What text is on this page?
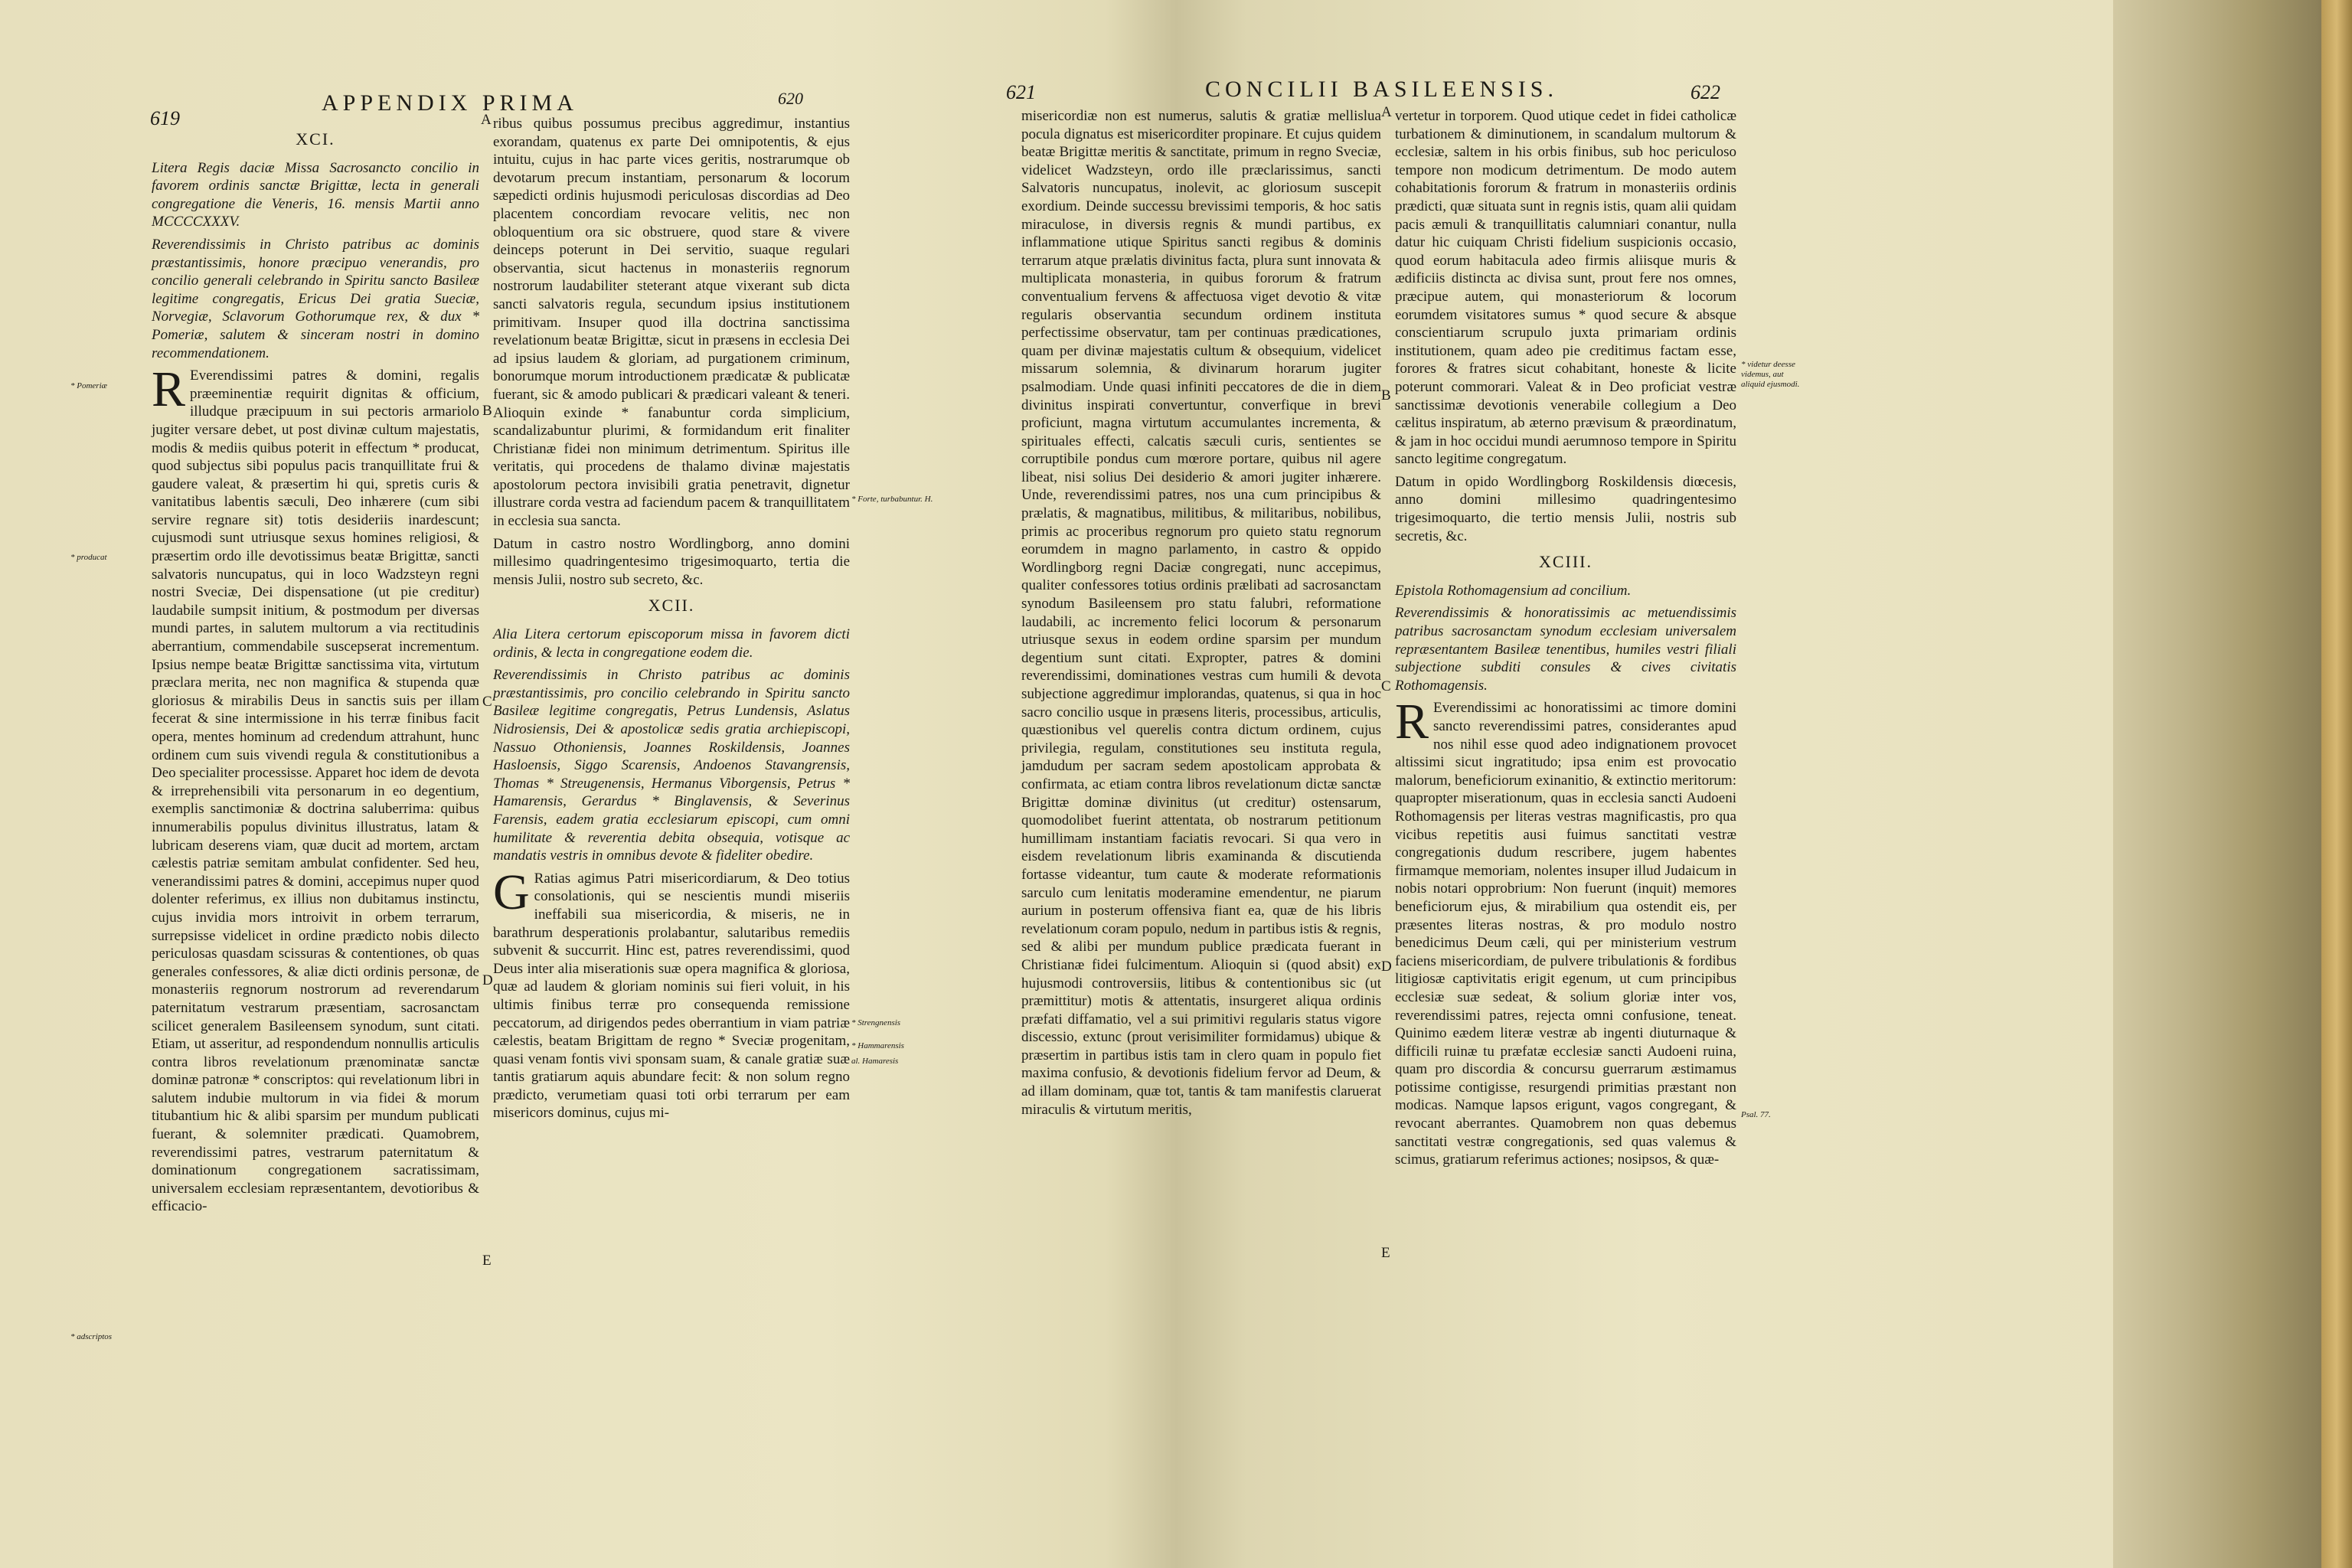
619
APPENDIX PRIMA	620
XCI.

Litera Regis daciæ Missa Sacrosancto concilio in favorem ordinis sanctæ Brigittæ, lecta in generali congregatione die Veneris, 16. mensis Martii anno MCCCCXXXV.

Reverendissimis in Christo patribus ac dominis præstantissimis, honore præcipuo venerandis, pro concilio generali celebrando in Spiritu sancto Basileæ legitime congregatis, Ericus Dei gratia Sueciæ, Norvegiæ, Sclavorum Gothorumque rex, & dux * Pomeriæ, salutem & sinceram nostri in domino recommendationem.

R Everendissimi patres & domini, regalis præeminentiæ requirit dignitas & officium, illudque præcipuum in sui pectoris armariolo jugiter versare debet, ut post divinæ cultum majestatis, modis & mediis quibus poterit in effectum * producat, quod subjectus sibi populus pacis tranquillitate frui & gaudere valeat, & præsertim hi qui, spretis curis & vanitatibus labentis sæculi, Deo inhærere (cum sibi servire regnare sit) totis desideriis inardescunt; cujusmodi sunt utriusque sexus homines religiosi, & præsertim ordo ille devotissimus beatæ Brigittæ, sancti salvatoris nuncupatus, qui in loco Wadzsteyn regni nostri Sveciæ, Dei dispensatione (ut pie creditur) laudabile sumpsit initium, & postmodum per diversas mundi partes, in salutem multorum a via rectitudinis aberrantium, commendabile suscepserat incrementum. Ipsius nempe beatæ Brigittæ sanctissima vita, virtutum præclara merita, nec non magnifica & stupenda quæ gloriosus & mirabilis Deus in sanctis suis per illam fecerat & sine intermissione in his terræ finibus facit opera, mentes hominum ad credendum attrahunt, hunc ordinem cum suis vivendi regula & constitutionibus a Deo specialiter processisse. Apparet hoc idem de devota & irreprehensibili vita personarum in eo degentium, exemplis sanctimoniæ & doctrina saluberrima: quibus innumerabilis populus divinitus illustratus, latam & lubricam deserens viam, quæ ducit ad mortem, arctam cælestis patriæ semitam ambulat confidenter. Sed heu, venerandissimi patres & domini, accepimus nuper quod dolenter referimus, ex illius non dubitamus instinctu, cujus invidia mors introivit in orbem terrarum, surrepsisse videlicet in ordine prædicto nobis dilecto periculosas quasdam scissuras & contentiones, ob quas generales confessores, & aliæ dicti ordinis personæ, de monasteriis regnorum nostrorum ad reverendarum paternitatum vestrarum præsentiam, sacrosanctam scilicet generalem Basileensem synodum, sunt citati. Etiam, ut asseritur, ad respondendum nonnullis articulis contra libros revelationum prænominatæ sanctæ dominæ patronæ * conscriptos: qui revelationum libri in salutem indubie multorum in via fidei & morum titubantium hic & alibi sparsim per mundum publicati fuerant, & solemniter prædicati. Quamobrem, reverendissimi patres, vestrarum paternitatum & dominationum congregationem sacratissimam, universalem ecclesiam repræsentantem, devotioribus & efficacio-

ribus quibus possumus precibus aggredimur, instantius exorandam, quatenus ex parte Dei omnipotentis, & ejus intuitu, cujus in hac parte vices geritis, nostrarumque ob devotarum precum instantiam, personarum & locorum sæpedicti ordinis hujusmodi periculosas discordias ad Deo placentem concordiam revocare velitis, nec non obloquentium ora sic obstruere, quod stare & vivere deinceps poterunt in Dei servitio, suaque regulari observantia, sicut hactenus in monasteriis regnorum nostrorum laudabiliter steterant atque vixerant sub dicta sancti salvatoris regula, secundum ipsius institutionem primitivam. Insuper quod illa doctrina sanctissima revelationum beatæ Brigittæ, sicut in præsens in ecclesia Dei ad ipsius laudem & gloriam, ad purgationem criminum, bonorumque morum introductionem prædicatæ & publicatæ fuerant, sic & amodo publicari & prædicari valeant & teneri. Alioquin exinde * fanabuntur corda simplicium, scandalizabuntur plurimi, & formidandum erit finaliter Christianæ fidei non minimum detrimentum. Spiritus ille veritatis, qui procedens de thalamo divinæ majestatis apostolorum pectora invisibili gratia penetravit, dignetur illustrare corda vestra ad faciendum pacem & tranquillitatem in ecclesia sua sancta.

Datum in castro nostro Wordlingborg, anno domini millesimo quadringentesimo trigesimoquarto, tertia die mensis Julii, nostro sub secreto, &c.

XCII.

Alia Litera certorum episcoporum missa in favorem dicti ordinis, & lecta in congregatione eodem die.

Reverendissimis in Christo patribus ac dominis præstantissimis, pro concilio celebrando in Spiritu sancto Basileæ legitime congregatis, Petrus Lundensis, Aslatus Nidrosiensis, Dei & apostolicæ sedis gratia archiepiscopi, Nassuo Othoniensis, Joannes Roskildensis, Joannes Hasloensis, Siggo Scarensis, Andoenos Stavangrensis, Thomas * Streugenensis, Hermanus Viborgensis, Petrus * Hamarensis, Gerardus * Binglavensis, & Severinus Farensis, eadem gratia ecclesiarum episcopi, cum omni humilitate & reverentia debita obsequia, votisque ac mandatis vestris in omnibus devote & fideliter obedire.

G Ratias agimus Patri misericordiarum, & Deo totius consolationis, qui se nescientis mundi miseriis ineffabili sua misericordia, & miseris, ne in barathrum desperationis prolabantur, salutaribus remediis subvenit & succurrit. Hinc est, patres reverendissimi, quod Deus inter alia miserationis suæ opera magnifica & gloriosa, quæ ad laudem & gloriam nominis sui fieri voluit, in his ultimis finibus terræ pro consequenda remissione peccatorum, ad dirigendos pedes oberrantium in viam patriæ cælestis, beatam Brigittam de regno * Sveciæ progenitam, quasi venam fontis vivi sponsam suam, & canale gratiæ suæ tantis gratiarum aquis abundare fecit: & non solum regno prædicto, verumetiam quasi toti orbi terrarum per eam misericors dominus, cujus mi-

* Pomeriæ
* producat
* adscriptos
* Forte, turbabuntur. H.
* Strengnensis
* Hammarensis
al. Hamaresis
A
B
C
D
E
621	CONCILII BASILEENSIS.	622

misericordiæ non est numerus, salutis & gratiæ mellislua pocula dignatus est misericorditer propinare. Et cujus quidem beatæ Brigittæ meritis & sanctitate, primum in regno Sveciæ, videlicet Wadzsteyn, ordo ille præclarissimus, sancti Salvatoris nuncupatus, inolevit, ac gloriosum suscepit exordium. Deinde successu brevissimi temporis, & hoc satis miraculose, in diversis regnis & mundi partibus, ex inflammatione utique Spiritus sancti regibus & dominis terrarum atque prælatis divinitus facta, plura sunt innovata & multiplicata monasteria, in quibus fororum & fratrum conventualium fervens & affectuosa viget devotio & vitæ regularis observantia secundum ordinem instituta perfectissime observatur, tam per continuas prædicationes, quam per divinæ majestatis cultum & obsequium, videlicet missarum solemnia, & divinarum horarum jugiter psalmodiam. Unde quasi infiniti peccatores de die in diem divinitus inspirati convertuntur, converfique in brevi proficiunt, magna virtutum accumulantes incrementa, & spirituales effecti, calcatis sæculi curis, sentientes se corruptibile pondus cum mœrore portare, quibus nil agere libeat, nisi solius Dei desiderio & amori jugiter inhærere. Unde, reverendissimi patres, nos una cum principibus & prælatis, & magnatibus, militibus, & militaribus, nobilibus, primis ac proceribus regnorum pro quieto statu regnorum eorumdem in magno parlamento, in castro & oppido Wordlingborg regni Daciæ congregati, nunc accepimus, qualiter confessores totius ordinis prælibati ad sacrosanctam synodum Basileensem pro statu falubri, reformatione laudabili, ac incremento felici locorum & personarum utriusque sexus in eodem ordine sparsim per mundum degentium sunt citati. Expropter, patres & domini reverendissimi, dominationes vestras cum humili & devota subjectione aggredimur implorandas, quatenus, si qua in hoc sacro concilio usque in præsens literis, processibus, articulis, quæstionibus vel querelis contra dictum ordinem, cujus privilegia, regulam, constitutiones seu instituta regula, jamdudum per sacram sedem apostolicam approbata & confirmata, ac etiam contra libros revelationum dictæ sanctæ Brigittæ dominæ divinitus (ut creditur) ostensarum, quomodolibet fuerint attentata, ob nostrarum petitionum humillimam instantiam faciatis revocari. Si qua vero in eisdem revelationum libris examinanda & discutienda fortasse videantur, tum caute & moderate reformationis sarculo cum lenitatis moderamine emendentur, ne piarum aurium in posterum offensiva fiant ea, quæ de his libris revelationum coram populo, nedum in partibus istis & regnis, sed & alibi per mundum publice prædicata fuerant in Christianæ fidei fulcimentum. Alioquin si (quod absit) ex hujusmodi controversiis, litibus & contentionibus sic (ut præmittitur) motis & attentatis, insurgeret aliqua ordinis præfati diffamatio, vel a sui primitivi regularis status vigore discessio, extunc (prout verisimiliter formidamus) ubique & præsertim in partibus istis tam in clero quam in populo fiet maxima confusio, & devotionis fidelium fervor ad Deum, & ad illam dominam, quæ tot, tantis & tam manifestis claruerat miraculis & virtutum meritis,

vertetur in torporem. Quod utique cedet in fidei catholicæ turbationem & diminutionem, in scandalum multorum & ecclesiæ, saltem in his orbis finibus, sub hoc periculoso tempore non modicum detrimentum. De modo autem cohabitationis fororum & fratrum in monasteriis ordinis prædicti, quæ situata sunt in regnis istis, quam alii quidam pacis æmuli & tranquillitatis calumniari conantur, nulla datur hic cuiquam Christi fidelium suspicionis occasio, quod eorum habitacula adeo firmis aliisque muris & ædificiis distincta ac divisa sunt, prout fere nos omnes, præcipue autem, qui monasteriorum & locorum eorumdem visitatores sumus * quod secure & absque conscientiarum scrupulo juxta primariam ordinis institutionem, quam adeo pie creditimus factam esse, forores & fratres sicut cohabitant, honeste & licite poterunt commorari. Valeat & in Deo proficiat vestræ sanctissimæ devotionis venerabile collegium a Deo cælitus inspiratum, ab æterno prævisum & præordinatum, & jam in hoc occidui mundi aerumnoso tempore in Spiritu sancto legitime congregatum.

Datum in opido Wordlingborg Roskildensis diœcesis, anno domini millesimo quadringentesimo trigesimoquarto, die tertio mensis Julii, nostris sub secretis, &c.

XCIII.

Epistola Rothomagensium ad concilium.

Reverendissimis & honoratissimis ac metuendissimis patribus sacrosanctam synodum ecclesiam universalem repræsentantem Basileæ tenentibus, humiles vestri filiali subjectione subditi consules & cives civitatis Rothomagensis.

R Everendissimi ac honoratissimi ac timore domini sancto reverendissimi patres, considerantes apud nos nihil esse quod adeo indignationem provocet altissimi sicut ingratitudo; ipsa enim est provocatio malorum, beneficiorum exinanitio, & extinctio meritorum: quapropter miserationum, quas in ecclesia sancti Audoeni Rothomagensis per literas vestras magnificastis, pro qua vicibus repetitis ausi fuimus sanctitati vestræ congregationis dudum rescribere, jugem habentes firmamque memoriam, nolentes insuper illud Judaicum in nobis notari opprobrium: Non fuerunt (inquit) memores beneficiorum ejus, & mirabilium qua ostendit eis, per præsentes literas nostras, & pro modulo nostro benedicimus Deum cæli, qui per ministerium vestrum faciens misericordiam, de pulvere tribulationis & fordibus litigiosæ captivitatis erigit egenum, ut cum principibus ecclesiæ suæ sedeat, & solium gloriæ inter vos, reverendissimi patres, rejecta omni confusione, teneat. Quinimo eædem literæ vestræ ab ingenti diuturnaque & difficili ruinæ tu præfatæ ecclesiæ sancti Audoeni ruina, quam pro discordia & concursu guerrarum æstimamus potissime contigisse, resurgendi primitias præstant non modicas. Namque lapsos erigunt, vagos congregant, & revocant aberrantes. Quamobrem non quas debemus sanctitati vestræ congregationis, sed quas valemus & scimus, gratiarum referimus actiones; nosipsos, & quæ-

* videtur deesse videmus, aut aliquid ejusmodi.
Psal. 77.
A
B
C
D
E
